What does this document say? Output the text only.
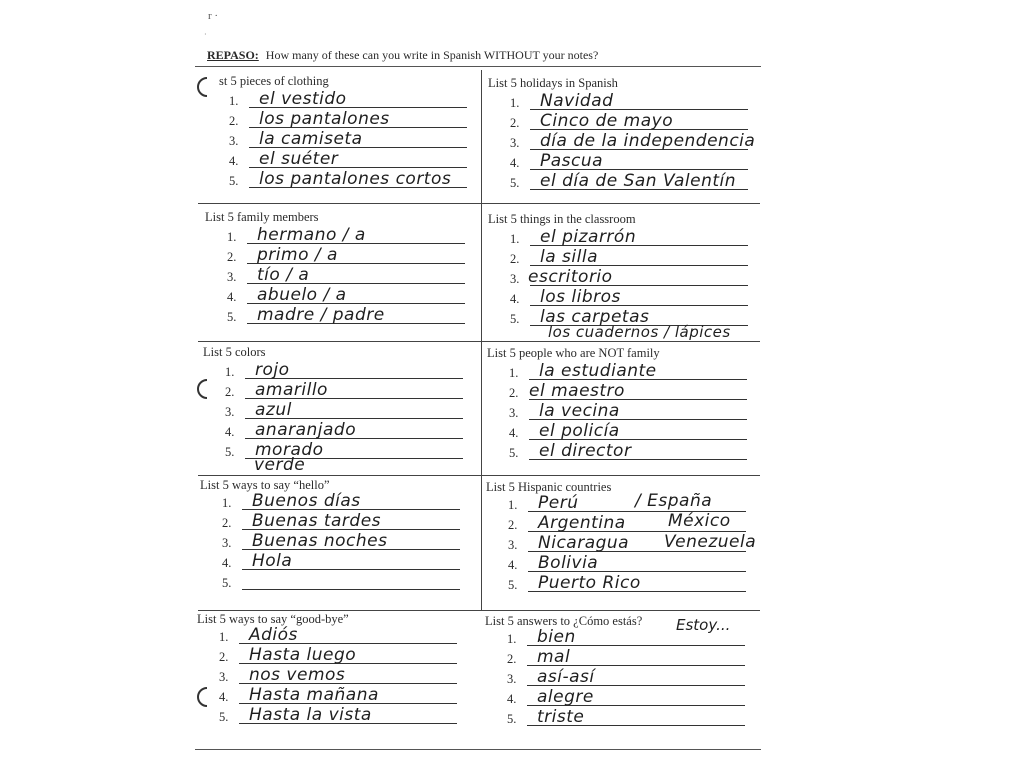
r ·
·
REPASO: How many of these can you write in Spanish WITHOUT your notes?
st 5 pieces of clothing
1. el vestido
2. los pantalones
3. la camiseta
4. el suéter
5. los pantalones cortos
List 5 holidays in Spanish
1. Navidad
2. Cinco de mayo
3. día de la independencia
4. Pascua
5. el día de San Valentín
List 5 family members
1. hermano / a
2. primo / a
3. tío / a
4. abuelo / a
5. madre / padre
List 5 things in the classroom
1. el pizarrón
2. la silla
3. escritorio
4. los libros
5. las carpetas
los cuadernos / lápices
List 5 colors
1. rojo
2. amarillo
3. azul
4. anaranjado
5. morado
verde
List 5 people who are NOT family
1. la estudiante
2. el maestro
3. la vecina
4. el policía
5. el director
List 5 ways to say “hello”
1. Buenos días
2. Buenas tardes
3. Buenas noches
4. Hola
5.
List 5 Hispanic countries
1. Perú
2. Argentina
3. Nicaragua
4. Bolivia
5. Puerto Rico
/ España
México
Venezuela
List 5 ways to say “good-bye”
1. Adiós
2. Hasta luego
3. nos vemos
4. Hasta mañana
5. Hasta la vista
List 5 answers to ¿Cómo estás?
1. bien
2. mal
3. así-así
4. alegre
5. triste
Estoy...
